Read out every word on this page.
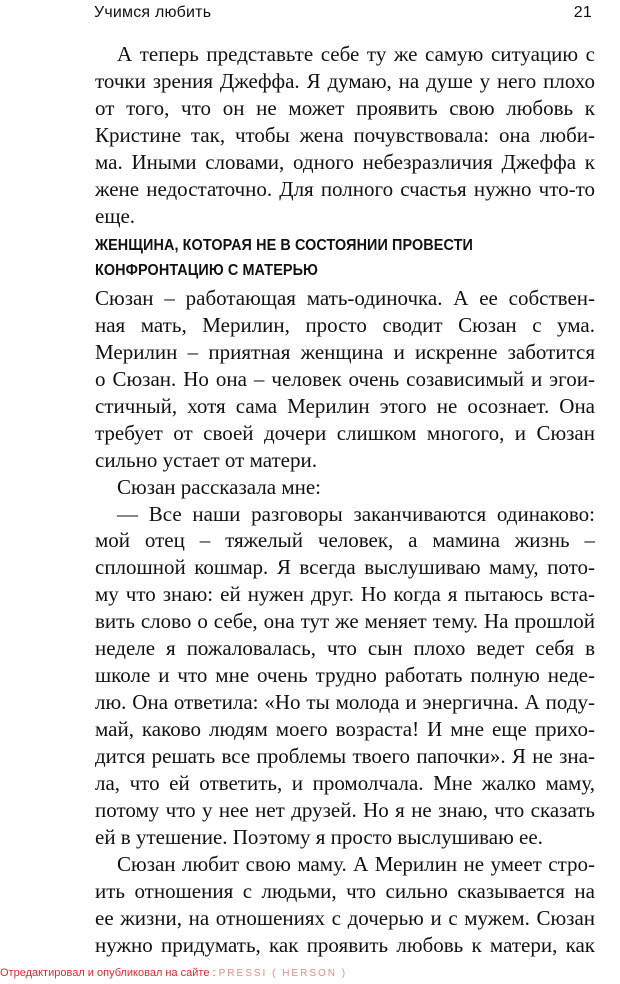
Учимся любить	21
А теперь представьте себе ту же самую ситуацию с
точки зрения Джеффа. Я думаю, на душе у него плохо
от того, что он не может проявить свою любовь к
Кристине так, чтобы жена почувствовала: она люби-
ма. Иными словами, одного небезразличия Джеффа к
жене недостаточно. Для полного счастья нужно что-то
еще.
ЖЕНЩИНА, КОТОРАЯ НЕ В СОСТОЯНИИ ПРОВЕСТИ
КОНФРОНТАЦИЮ С МАТЕРЬЮ
Сюзан – работающая мать-одиночка. А ее собствен-
ная мать, Мерилин, просто сводит Сюзан с ума.
Мерилин – приятная женщина и искренне заботится
о Сюзан. Но она – человек очень созависимый и эгои-
стичный, хотя сама Мерилин этого не осознает. Она
требует от своей дочери слишком многого, и Сюзан
сильно устает от матери.
Сюзан рассказала мне:
— Все наши разговоры заканчиваются одинаково:
мой отец – тяжелый человек, а мамина жизнь –
сплошной кошмар. Я всегда выслушиваю маму, пото-
му что знаю: ей нужен друг. Но когда я пытаюсь вста-
вить слово о себе, она тут же меняет тему. На прошлой
неделе я пожаловалась, что сын плохо ведет себя в
школе и что мне очень трудно работать полную неде-
лю. Она ответила: «Но ты молода и энергична. А поду-
май, каково людям моего возраста! И мне еще прихо-
дится решать все проблемы твоего папочки». Я не зна-
ла, что ей ответить, и промолчала. Мне жалко маму,
потому что у нее нет друзей. Но я не знаю, что сказать
ей в утешение. Поэтому я просто выслушиваю ее.
Сюзан любит свою маму. А Мерилин не умеет стро-
ить отношения с людьми, что сильно сказывается на
ее жизни, на отношениях с дочерью и с мужем. Сюзан
нужно придумать, как проявить любовь к матери, как
Отредактировал и опубликовал на сайте : PRESSI ( HERSON )
